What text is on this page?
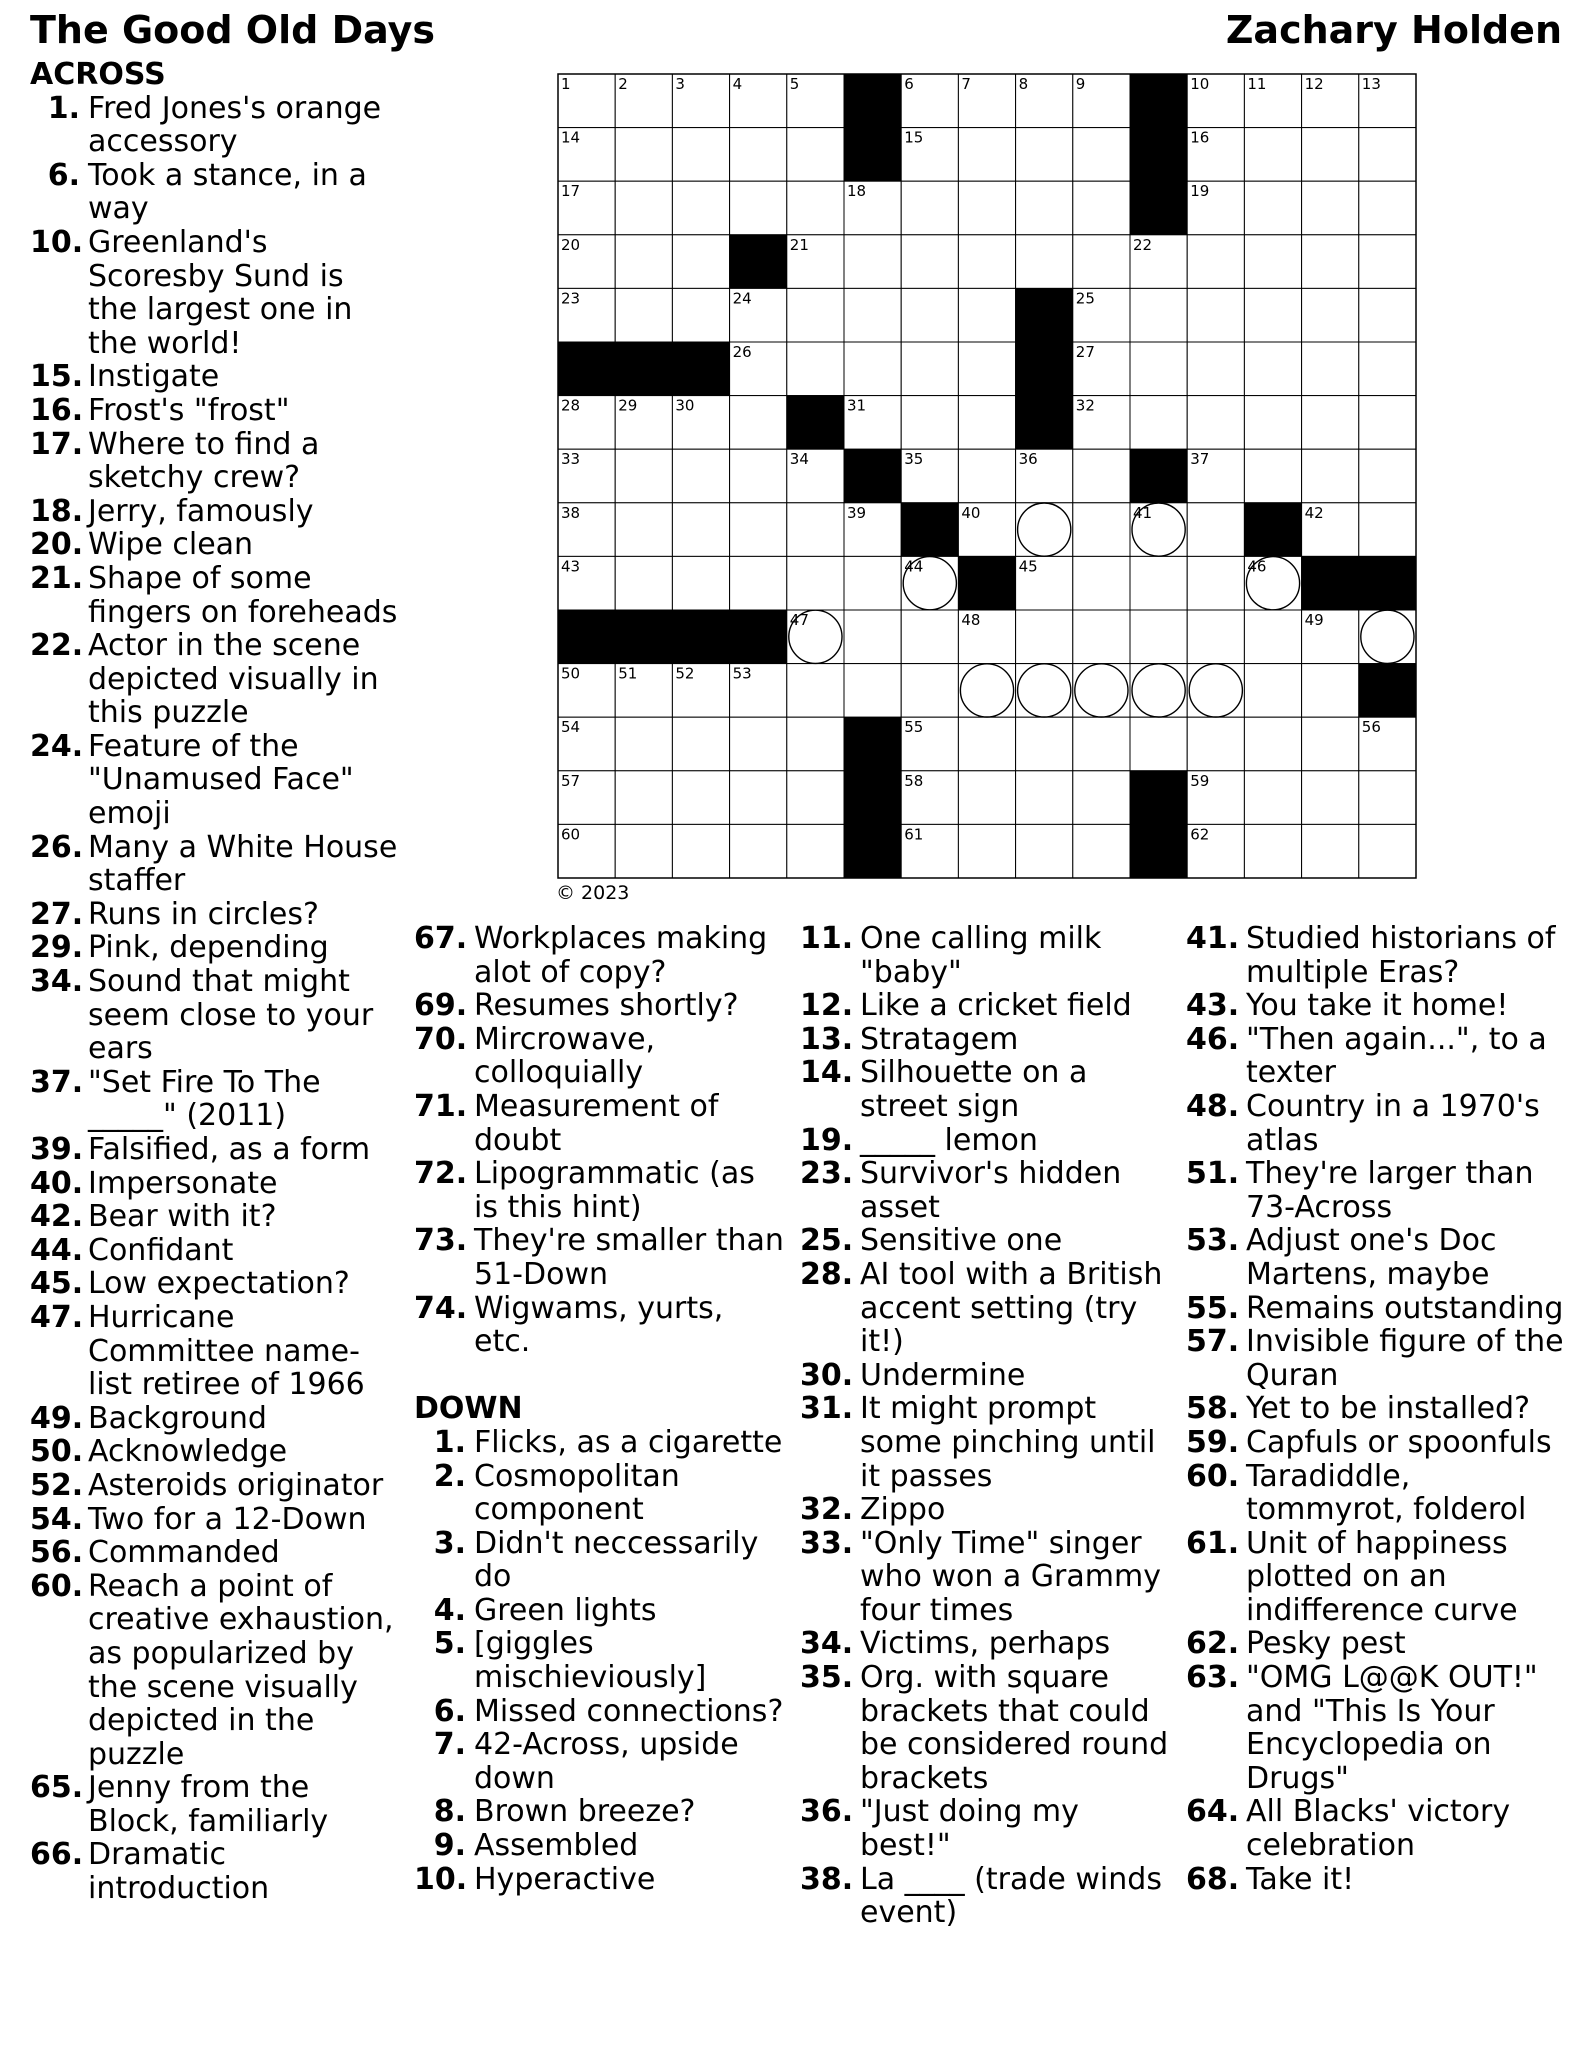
The Good Old Days	Zachary Holden
1	2	3	4	5	6	7	8	9	10	11	12	13
14	15	16
17	18	19
20	21	22
23	24	25
26	27
28	29	30	31	32
33	34	35	36	37
38	39	40	41	42
43	44	45	46
47	48	49
50	51	52	53
54	55	56
57	58	59
60	61	62
© 2023
ACROSS
1. Fred Jones's orange accessory
6. Took a stance, in a way
10. Greenland's Scoresby Sund is the largest one in the world!
15. Instigate
16. Frost's "frost"
17. Where to find a sketchy crew?
18. Jerry, famously
20. Wipe clean
21. Shape of some fingers on foreheads
22. Actor in the scene depicted visually in this puzzle
24. Feature of the "Unamused Face" emoji
26. Many a White House staffer
27. Runs in circles?
29. Pink, depending
34. Sound that might seem close to your ears
37. "Set Fire To The _____" (2011)
39. Falsified, as a form
40. Impersonate
42. Bear with it?
44. Confidant
45. Low expectation?
47. Hurricane Committee name-list retiree of 1966
49. Background
50. Acknowledge
52. Asteroids originator
54. Two for a 12-Down
56. Commanded
60. Reach a point of creative exhaustion, as popularized by the scene visually depicted in the puzzle
65. Jenny from the Block, familiarly
66. Dramatic introduction
67. Workplaces making alot of copy?
69. Resumes shortly?
70. Mircrowave, colloquially
71. Measurement of doubt
72. Lipogrammatic (as is this hint)
73. They're smaller than 51-Down
74. Wigwams, yurts, etc.
DOWN
1. Flicks, as a cigarette
2. Cosmopolitan component
3. Didn't neccessarily do
4. Green lights
5. [giggles mischieviously]
6. Missed connections?
7. 42-Across, upside down
8. Brown breeze?
9. Assembled
10. Hyperactive
11. One calling milk "baby"
12. Like a cricket field
13. Stratagem
14. Silhouette on a street sign
19. _____ lemon
23. Survivor's hidden asset
25. Sensitive one
28. AI tool with a British accent setting (try it!)
30. Undermine
31. It might prompt some pinching until it passes
32. Zippo
33. "Only Time" singer who won a Grammy four times
34. Victims, perhaps
35. Org. with square brackets that could be considered round brackets
36. "Just doing my best!"
38. La ____ (trade winds event)
41. Studied historians of multiple Eras?
43. You take it home!
46. "Then again...", to a texter
48. Country in a 1970's atlas
51. They're larger than 73-Across
53. Adjust one's Doc Martens, maybe
55. Remains outstanding
57. Invisible figure of the Quran
58. Yet to be installed?
59. Capfuls or spoonfuls
60. Taradiddle, tommyrot, folderol
61. Unit of happiness plotted on an indifference curve
62. Pesky pest
63. "OMG L@@K OUT!" and "This Is Your Encyclopedia on Drugs"
64. All Blacks' victory celebration
68. Take it!
